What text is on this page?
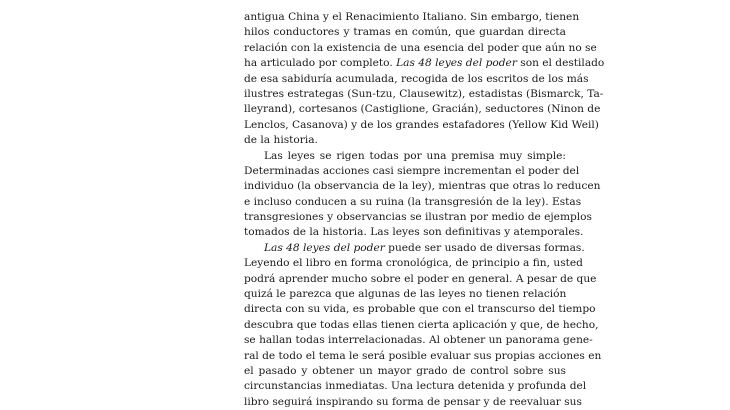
antigua China y el Renacimiento Italiano. Sin embargo, tienen
hilos conductores y tramas en común, que guardan directa
relación con la existencia de una esencia del poder que aún no se
ha articulado por completo. Las 48 leyes del poder son el destilado
de esa sabiduría acumulada, recogida de los escritos de los más
ilustres estrategas (Sun-tzu, Clausewitz), estadistas (Bismarck, Ta-
lleyrand), cortesanos (Castiglione, Gracián), seductores (Ninon de
Lenclos, Casanova) y de los grandes estafadores (Yellow Kid Weil)
de la historia.
Las leyes se rigen todas por una premisa muy simple:
Determinadas acciones casi siempre incrementan el poder del
individuo (la observancia de la ley), mientras que otras lo reducen
e incluso conducen a su ruina (la transgresión de la ley). Estas
transgresiones y observancias se ilustran por medio de ejemplos
tomados de la historia. Las leyes son definitivas y atemporales.
Las 48 leyes del poder puede ser usado de diversas formas.
Leyendo el libro en forma cronológica, de principio a fin, usted
podrá aprender mucho sobre el poder en general. A pesar de que
quizá le parezca que algunas de las leyes no tienen relación
directa con su vida, es probable que con el transcurso del tiempo
descubra que todas ellas tienen cierta aplicación y que, de hecho,
se hallan todas interrelacionadas. Al obtener un panorama gene-
ral de todo el tema le será posible evaluar sus propias acciones en
el pasado y obtener un mayor grado de control sobre sus
circunstancias inmediatas. Una lectura detenida y profunda del
libro seguirá inspirando su forma de pensar y de reevaluar sus
